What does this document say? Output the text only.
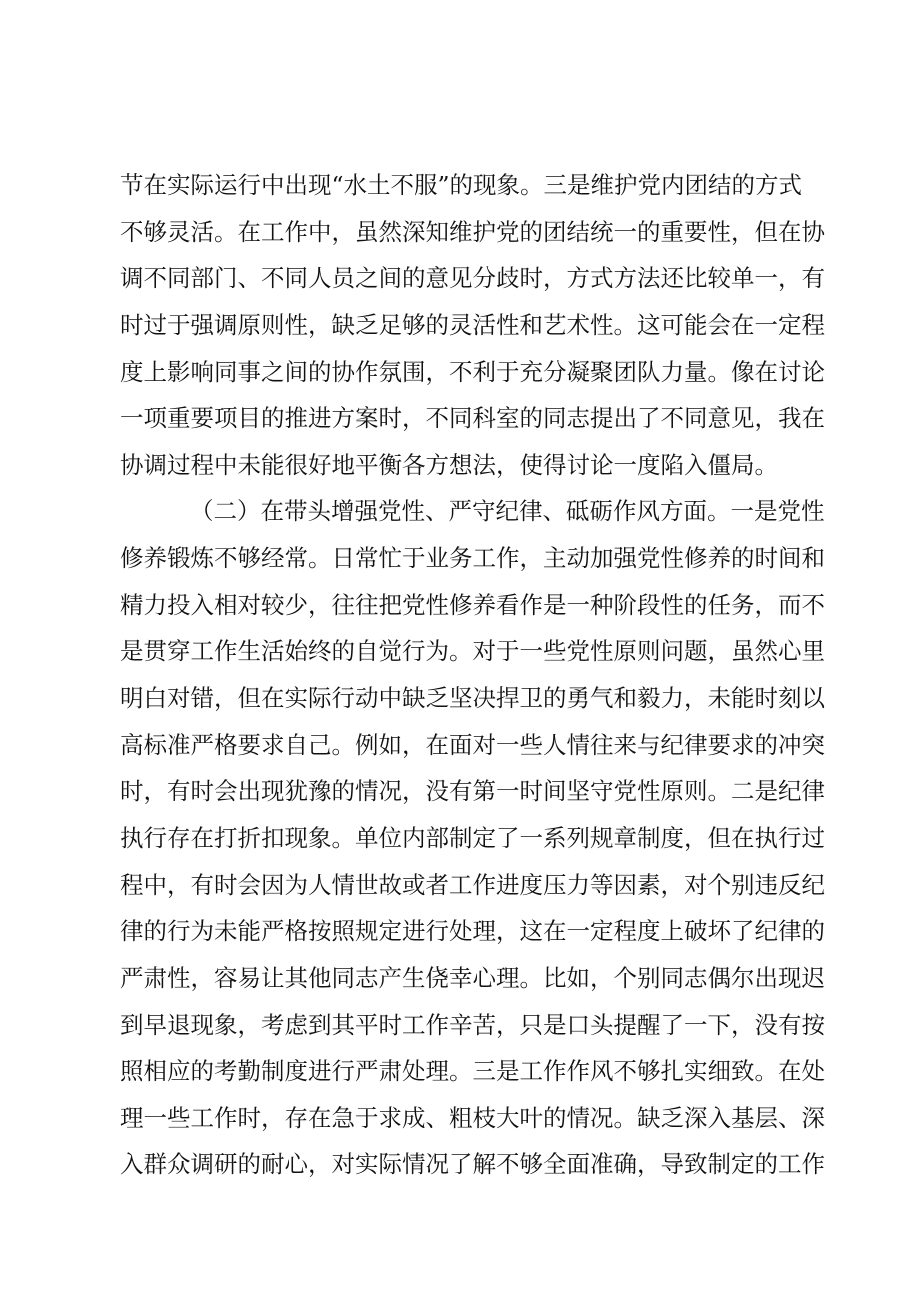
节在实际运行中出现“水土不服”的现象。三是维护党内团结的方式
不够灵活。在工作中，虽然深知维护党的团结统一的重要性，但在协
调不同部门、不同人员之间的意见分歧时，方式方法还比较单一，有
时过于强调原则性，缺乏足够的灵活性和艺术性。这可能会在一定程
度上影响同事之间的协作氛围，不利于充分凝聚团队力量。像在讨论
一项重要项目的推进方案时，不同科室的同志提出了不同意见，我在
协调过程中未能很好地平衡各方想法，使得讨论一度陷入僵局。
（二）在带头增强党性、严守纪律、砥砺作风方面。一是党性
修养锻炼不够经常。日常忙于业务工作，主动加强党性修养的时间和
精力投入相对较少，往往把党性修养看作是一种阶段性的任务，而不
是贯穿工作生活始终的自觉行为。对于一些党性原则问题，虽然心里
明白对错，但在实际行动中缺乏坚决捍卫的勇气和毅力，未能时刻以
高标准严格要求自己。例如，在面对一些人情往来与纪律要求的冲突
时，有时会出现犹豫的情况，没有第一时间坚守党性原则。二是纪律
执行存在打折扣现象。单位内部制定了一系列规章制度，但在执行过
程中，有时会因为人情世故或者工作进度压力等因素，对个别违反纪
律的行为未能严格按照规定进行处理，这在一定程度上破坏了纪律的
严肃性，容易让其他同志产生侥幸心理。比如，个别同志偶尔出现迟
到早退现象，考虑到其平时工作辛苦，只是口头提醒了一下，没有按
照相应的考勤制度进行严肃处理。三是工作作风不够扎实细致。在处
理一些工作时，存在急于求成、粗枝大叶的情况。缺乏深入基层、深
入群众调研的耐心，对实际情况了解不够全面准确，导致制定的工作
